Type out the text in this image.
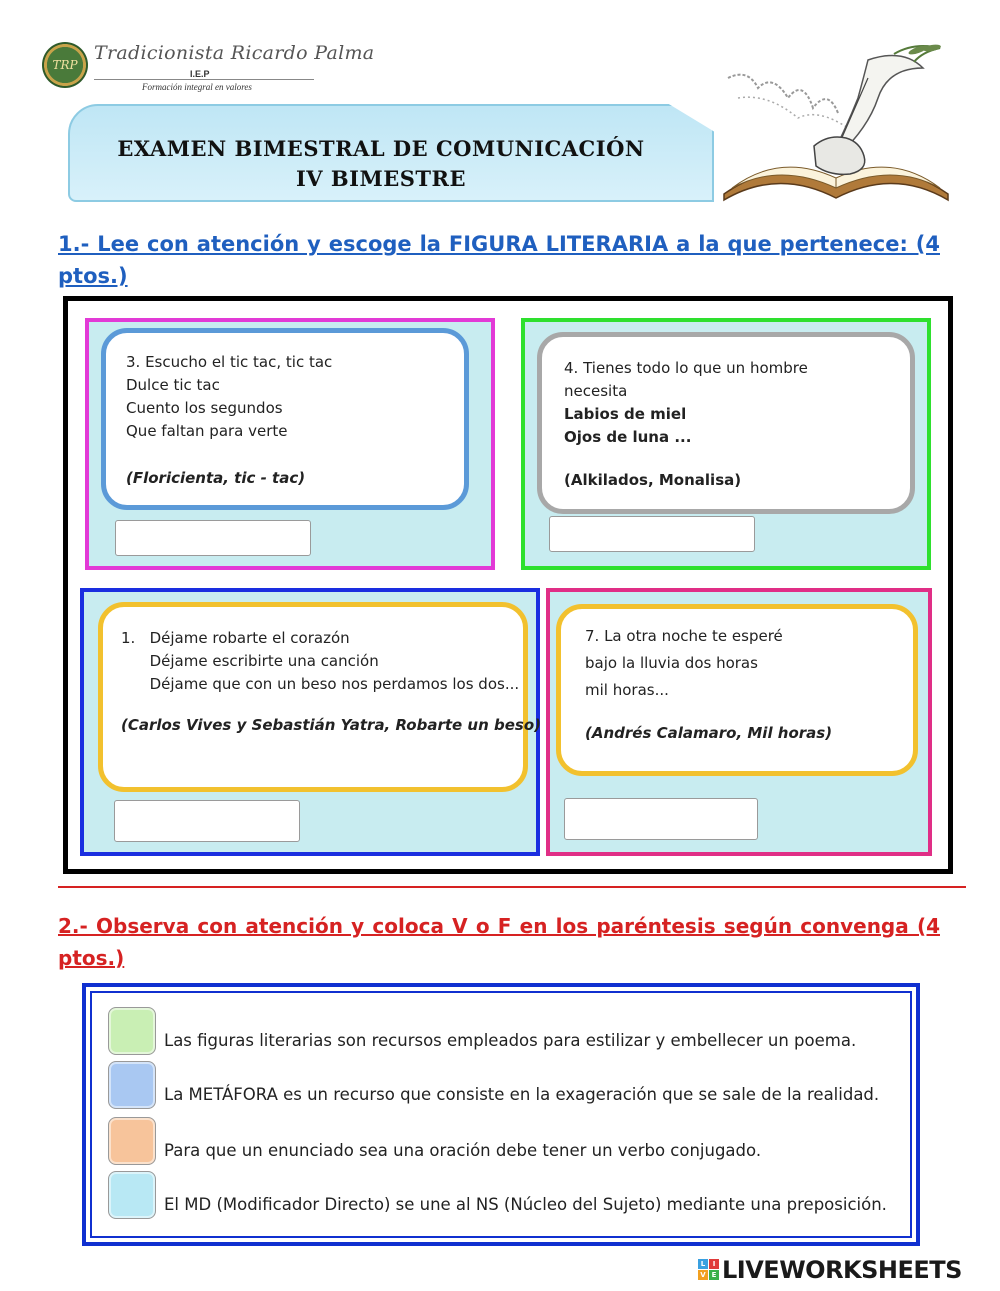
TRP
Tradicionista Ricardo Palma
I.E.P
Formación integral en valores
EXAMEN BIMESTRAL DE COMUNICACIÓN
IV BIMESTRE
1.- Lee con atención y escoge la FIGURA LITERARIA a la que pertenece: (4 ptos.)
3. Escucho el tic tac, tic tac
Dulce tic tac
Cuento los segundos
Que faltan para verte
(Floricienta, tic - tac)
4. Tienes todo lo que un hombre
necesita
Labios de miel
Ojos de luna ...
(Alkilados, Monalisa)
1.   Déjame robarte el corazón
Déjame escribirte una canción
Déjame que con un beso nos perdamos los dos...
(Carlos Vives y Sebastián Yatra, Robarte un beso)
7. La otra noche te esperé
bajo la lluvia dos horas
mil horas...
(Andrés Calamaro, Mil horas)
2.- Observa con atención y coloca V o F en los paréntesis según convenga (4 ptos.)
Las figuras literarias son recursos empleados para estilizar y embellecer un poema.
La METÁFORA es un recurso que consiste en la exageración que se sale de la realidad.
Para que un enunciado sea una oración debe tener un verbo conjugado.
El MD (Modificador Directo) se une al NS (Núcleo del Sujeto) mediante una preposición.
L	I
V E LIVEWORKSHEETS
